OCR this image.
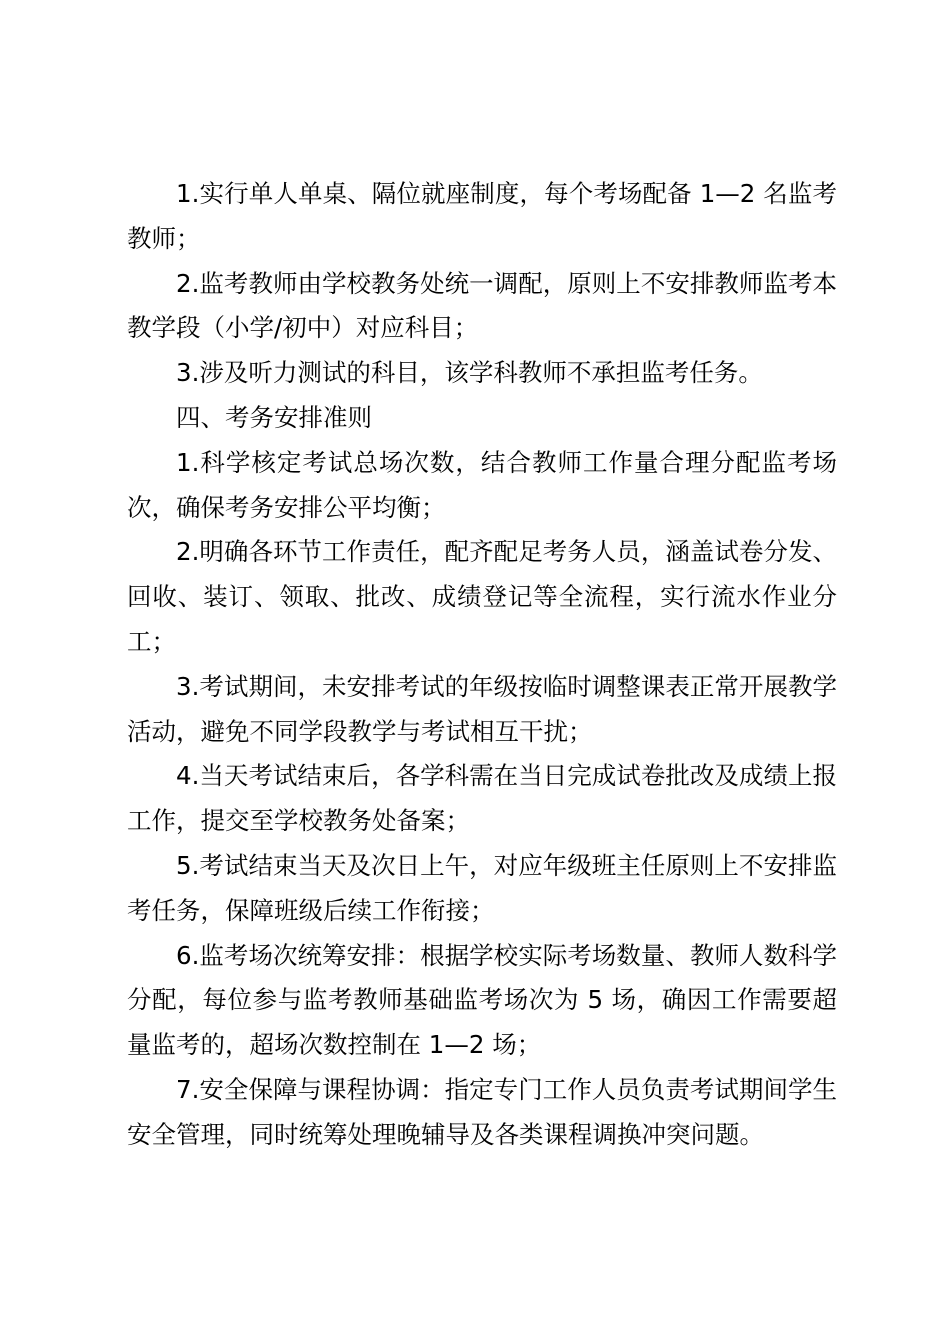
1.实行单人单桌、隔位就座制度，每个考场配备 1—2 名监考教师；

2.监考教师由学校教务处统一调配，原则上不安排教师监考本教学段（小学/初中）对应科目；

3.涉及听力测试的科目，该学科教师不承担监考任务。

四、考务安排准则

1.科学核定考试总场次数，结合教师工作量合理分配监考场次，确保考务安排公平均衡；

2.明确各环节工作责任，配齐配足考务人员，涵盖试卷分发、回收、装订、领取、批改、成绩登记等全流程，实行流水作业分工；

3.考试期间，未安排考试的年级按临时调整课表正常开展教学活动，避免不同学段教学与考试相互干扰；

4.当天考试结束后，各学科需在当日完成试卷批改及成绩上报工作，提交至学校教务处备案；

5.考试结束当天及次日上午，对应年级班主任原则上不安排监考任务，保障班级后续工作衔接；

6.监考场次统筹安排：根据学校实际考场数量、教师人数科学分配，每位参与监考教师基础监考场次为 5 场，确因工作需要超量监考的，超场次数控制在 1—2 场；

7.安全保障与课程协调：指定专门工作人员负责考试期间学生安全管理，同时统筹处理晚辅导及各类课程调换冲突问题。
